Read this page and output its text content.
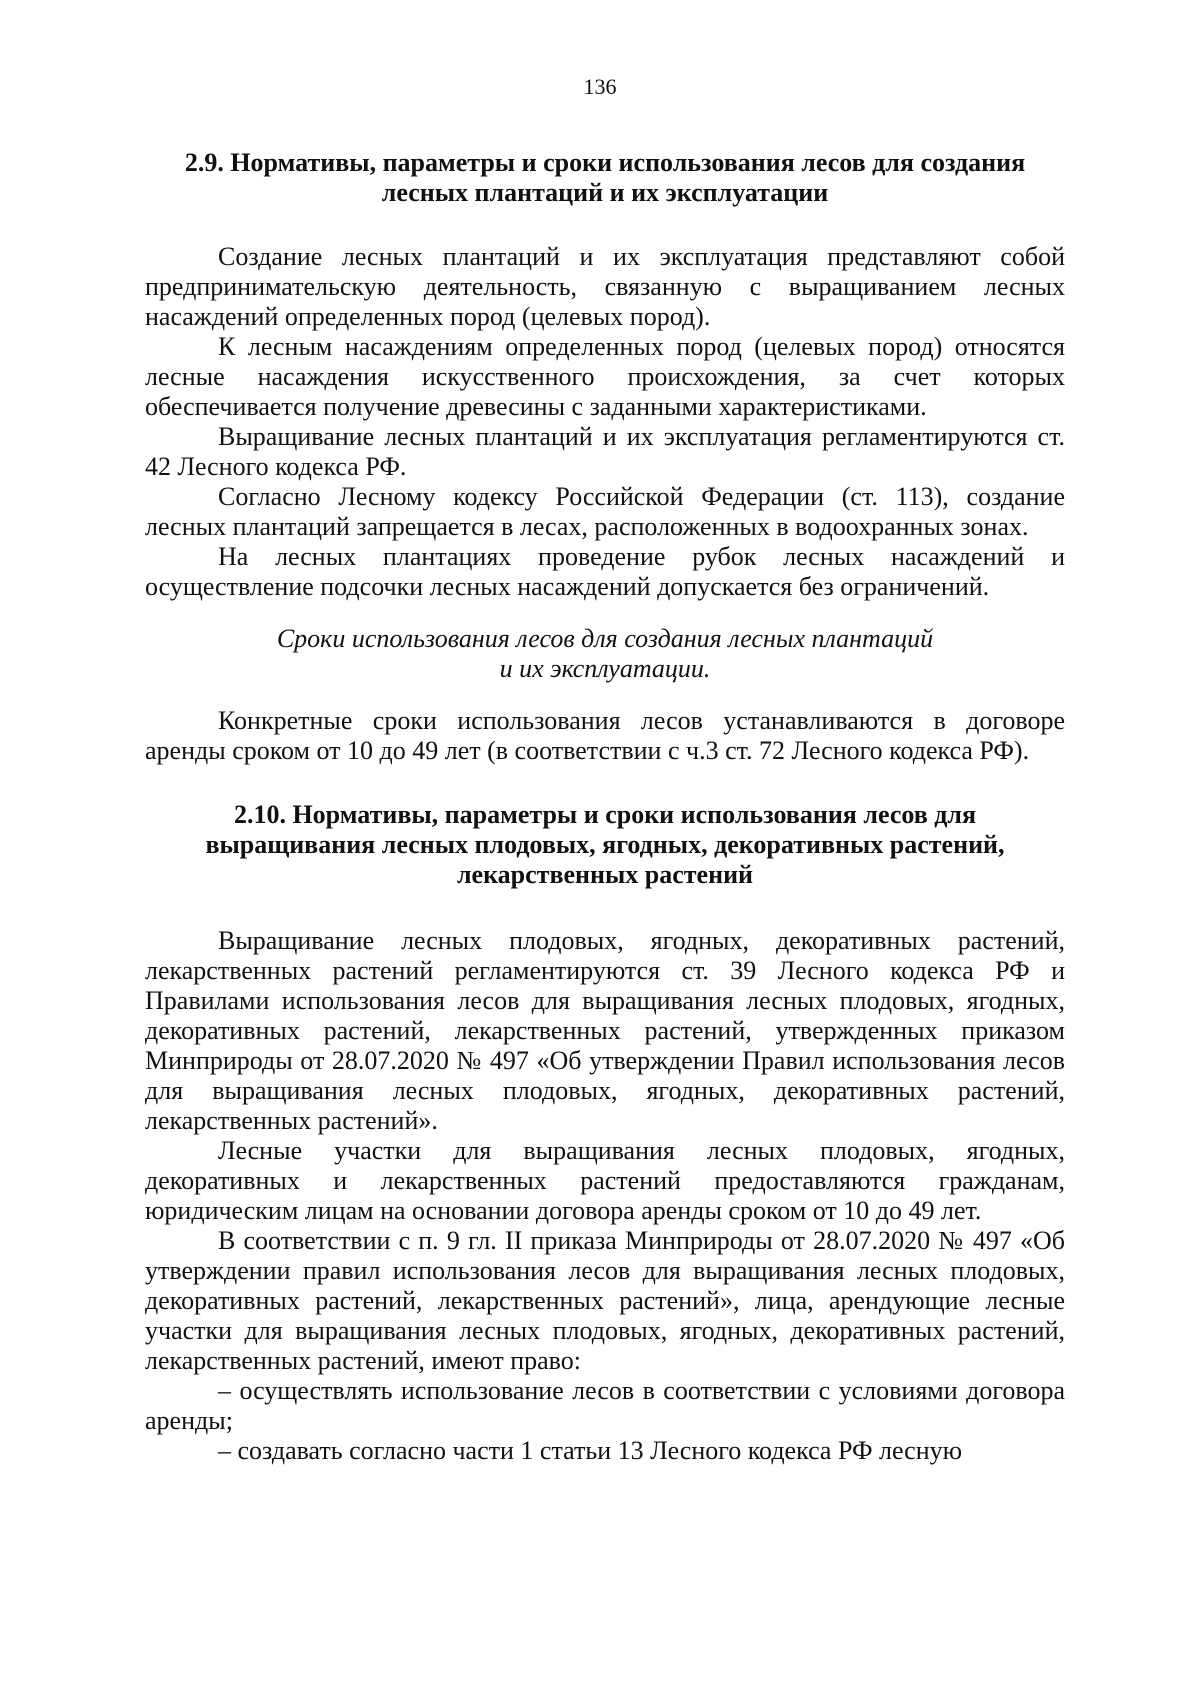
136
2.9. Нормативы, параметры и сроки использования лесов для создания
лесных плантаций и их эксплуатации

Создание лесных плантаций и их эксплуатация представляют собой предпринимательскую деятельность, связанную с выращиванием лесных насаждений определенных пород (целевых пород).

К лесным насаждениям определенных пород (целевых пород) относятся лесные насаждения искусственного происхождения, за счет которых обеспечивается получение древесины с заданными характеристиками.

Выращивание лесных плантаций и их эксплуатация регламентируются ст. 42 Лесного кодекса РФ.

Согласно Лесному кодексу Российской Федерации (ст. 113), создание лесных плантаций запрещается в лесах, расположенных в водоохранных зонах.

На лесных плантациях проведение рубок лесных насаждений и осуществление подсочки лесных насаждений допускается без ограничений.

Сроки использования лесов для создания лесных плантаций
и их эксплуатации.

Конкретные сроки использования лесов устанавливаются в договоре аренды сроком от 10 до 49 лет (в соответствии с ч.3 ст. 72 Лесного кодекса РФ).

2.10. Нормативы, параметры и сроки использования лесов для
выращивания лесных плодовых, ягодных, декоративных растений,
лекарственных растений

Выращивание лесных плодовых, ягодных, декоративных растений, лекарственных растений регламентируются ст. 39 Лесного кодекса РФ и Правилами использования лесов для выращивания лесных плодовых, ягодных, декоративных растений, лекарственных растений, утвержденных приказом Минприроды от 28.07.2020 № 497 «Об утверждении Правил использования лесов для выращивания лесных плодовых, ягодных, декоративных растений, лекарственных растений».

Лесные участки для выращивания лесных плодовых, ягодных, декоративных и лекарственных растений предоставляются гражданам, юридическим лицам на основании договора аренды сроком от 10 до 49 лет.

В соответствии с п. 9 гл. II приказа Минприроды от 28.07.2020 № 497 «Об утверждении правил использования лесов для выращивания лесных плодовых, декоративных растений, лекарственных растений», лица, арендующие лесные участки для выращивания лесных плодовых, ягодных, декоративных растений, лекарственных растений, имеют право:

– осуществлять использование лесов в соответствии с условиями договора аренды;

– создавать согласно части 1 статьи 13 Лесного кодекса РФ лесную
